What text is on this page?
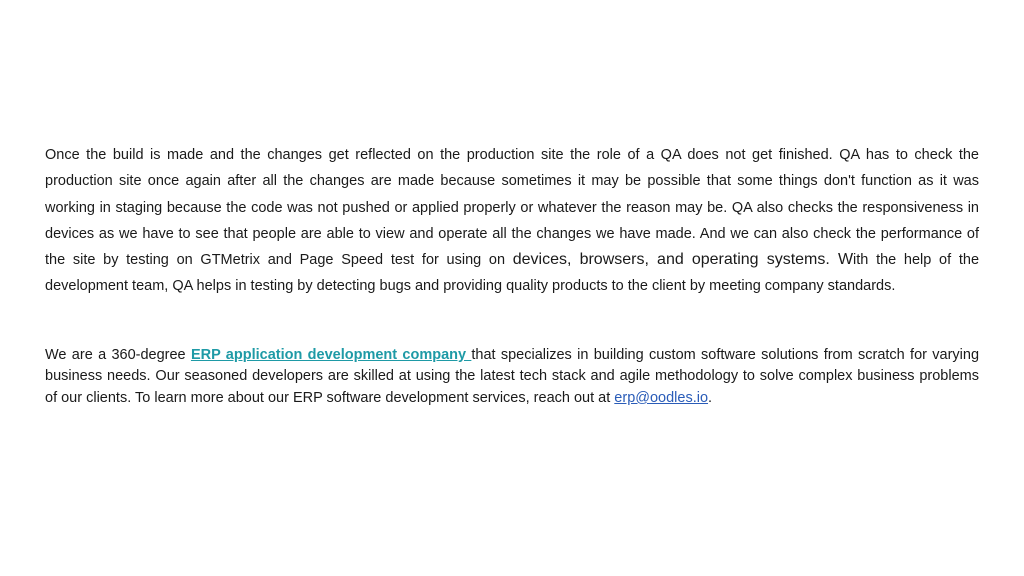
Once the build is made and the changes get reflected on the production site the role of a QA does not get finished. QA has to check the production site once again after all the changes are made because sometimes it may be possible that some things don't function as it was working in staging because the code was not pushed or applied properly or whatever the reason may be. QA also checks the responsiveness in devices as we have to see that people are able to view and operate all the changes we have made. And we can also check the performance of the site by testing on GTMetrix and Page Speed test for using on devices, browsers, and operating systems. With the help of the development team, QA helps in testing by detecting bugs and providing quality products to the client by meeting company standards.

We are a 360-degree ERP application development company that specializes in building custom software solutions from scratch for varying business needs. Our seasoned developers are skilled at using the latest tech stack and agile methodology to solve complex business problems of our clients. To learn more about our ERP software development services, reach out at erp@oodles.io.
